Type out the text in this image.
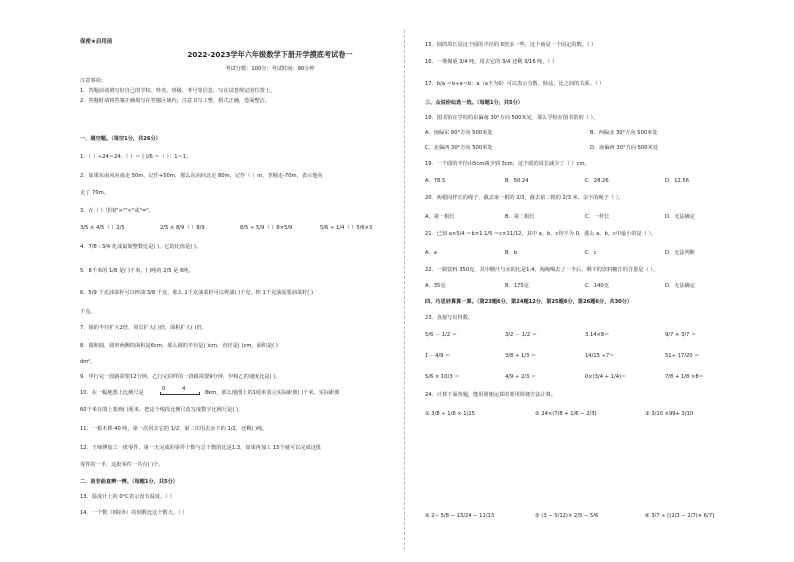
保密★启用前
2022-2023学年六年级数学下册开学摸底考试卷一
考试分数：100分；考试时间：90分钟
注意事项：
1．答题前请填写好自己的学校、姓名、班级、考号等信息，写在试卷规定的位置上。
2．答题时请将答案正确填写在答题区域内，注意书写工整，格式正确，卷面整洁。
一、填空题。（每空1分，共26分）
1．（ ）÷24＝24：（ ）＝ ( )/6 ＝（ ）：1＝1。
2．如果东南风向南走 50m，记作+50m，那么东向向北走 80m，记作（ ）m，李刚走-70m，表示他向
走了 70m。
3．在（ ）里填">""<"或"="。
3/5 × 4/5（ ）2/5	2/5 × 8/9（ ）8/9	8/5 ÷ 5/9（ ）8×5/9	5/6 ÷ 1/4（ ）5/6×3
4．7/8 : 3/4 化成最简整数比是( )，它的比值是( )。
5．8千米的 1/8 是( )千米，( )吨的 2/5 是 6吨。
6．5/9 千克油菜籽可以榨油 3/8 千克，那么 1千克油菜籽可以榨油( )千克，榨 1千克油需要油菜籽( )
千克。
7．圆的半径扩大2倍，周长扩大( )倍，面积扩大( )倍。
8．圆和圆，圆形两侧的面积是6cm，那么圆的半径是( )cm，直径是( )cm，面积是( )
dm²。
9．甲行完一段路需要12分钟，乙行完同样的一段路需要9分钟，甲和乙的速度比是( )。
10．在一幅地图上比例尺是
0	4
8km，那么地图上的1厘米表示实际距离( )千米，实际距离
60千米在图上要画( )厘米，把这个线段比例尺改写成数字比例尺是( )。
11．一根木棒 40 吨，第一次用去它的 1/2，第二次用去余下的 1/2，还剩( )吨。
12．王师傅加工一批零件，第一天完成的零件个数与总个数的比是1:3，如果再加工 15个就可以完成这批
零件的一半，这批零件一共有( )个。
二、是非曲直辨一辨。（每题1分，共5分）
13．温度计上的 0°C表示没有温度。（ ）
14．一个数（0除外）的倒数比这个数大。（ ）
15．圆的周长是这个圆的半径的 6倍多一些，这个商是一个固定的数。（ ）
16．一堆煤重 3/4 吨，用去它的 3/4 还剩 3/16 吨。（ ）
17．b/a ＝b÷a＝b：a（a不为0）可以表示分数、除法、比之间的关系。（ ）
三、众说纷纭选一选。（每题1分，共5分）
18．图书馆在学校的东偏南 30°方向 500米处，那么学校在图书馆的（ ）。
A．南偏东 60°方向 500米处	B．西偏北 30°方向 500米处
C．北偏西 30°方向 500米处	D．南偏西 30°方向 500米处
19．一个圆的半径由5cm减少到 3cm，这个圆的周长减少了（ ）cm。
A．78.5	B．50.24	C．28.26	D．12.56
20．两根同样长的绳子，截去第一根的 2/3，截去第二根的 2/3 米，余下的绳子（ ）。
A．第一根长	B．第二根长	C．一样长	D．无法确定
21．已知 a×5/4 ＝b×1 1/5 ＝c×11/12，其中 a、b、c均不为 0，那么 a，b，c中最小的是（ ）。
A．a	B．b	C．c	D．无法判断
22．一瓶饮料 350克，其中糖汁与水的比是1:4，淘淘喝去了一半后，剩下的饮料糖汁的含量是（ ）。
A．35克	B．175克	C．140克	D．无法确定
四、巧思妙算算一算。（第23题6分，第24题12分，第25题6分，第26题6分，共30分）
23．直接写出得数。
5/6 － 1/2 ＝	3/2 － 1/2 ＝	3.14×8＝	9/7 × 3/7 ＝
1－ 4/9 ＝	3/8 + 1/3 ＝	14/15 ÷7＝	51÷ 17/20 ＝
5/6 × 10/3 ＝	4/9 ÷ 2/3 ＝	0×(3/4 + 1/4)＝	7/8 + 1/8 ×8＝
24．计算下面各题，能用简便运算的要用简便方法计算。
① 3/8 ÷ 1/8 × 1/15	② 24×(7/8 + 1/6 − 2/3)	③ 3/10 ×99+ 3/10
④ 2− 5/8 − 13/24 − 11/13	⑤ (3 − 5/12)× 2/5 − 5/6	⑥ 3/7 ÷ [(2/3 − 2/7)× 6/7]
